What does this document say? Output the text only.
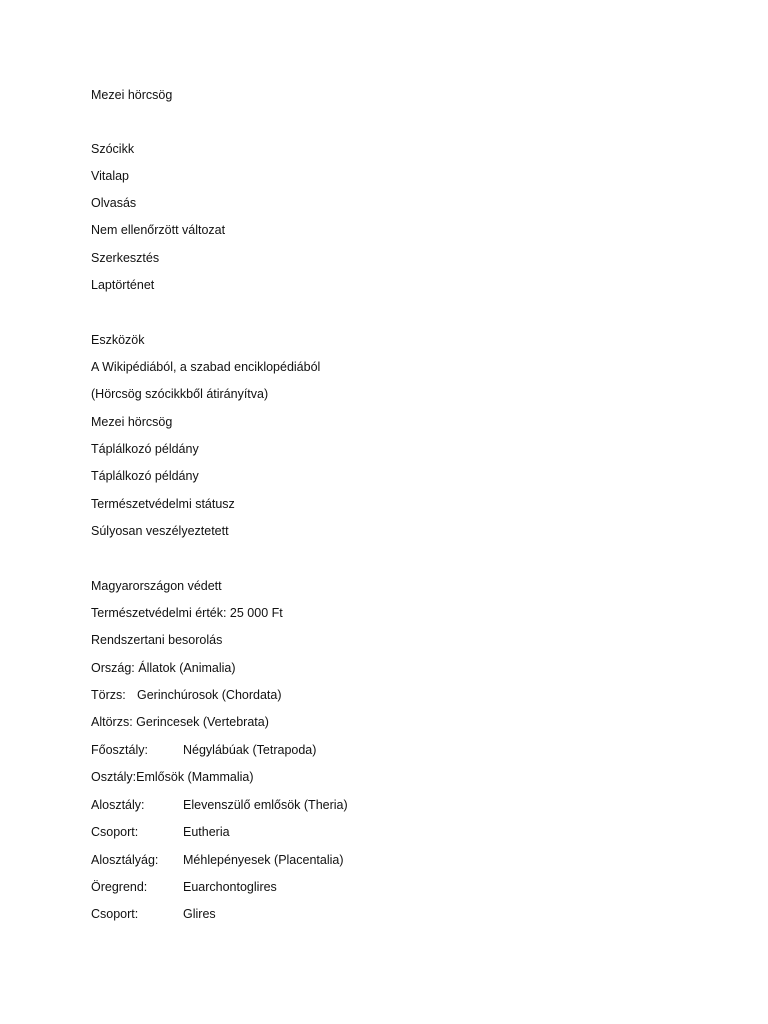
Mezei hörcsög
Szócikk
Vitalap
Olvasás
Nem ellenőrzött változat
Szerkesztés
Laptörténet
Eszközök
A Wikipédiából, a szabad enciklopédiából
(Hörcsög szócikkből átirányítva)
Mezei hörcsög
Táplálkozó példány
Táplálkozó példány
Természetvédelmi státusz
Súlyosan veszélyeztetett
Magyarországon védett
Természetvédelmi érték: 25 000 Ft
Rendszertani besorolás
Ország: Állatok (Animalia)
Törzs: Gerinchúrosok (Chordata)
Altörzs: Gerincesek (Vertebrata)
Főosztály:	Négylábúak (Tetrapoda)
Osztály:Emlősök (Mammalia)
Alosztály:	Elevenszülő emlősök (Theria)
Csoport:	Eutheria
Alosztályág: Méhlepényesek (Placentalia)
Öregrend:	Euarchontoglires
Csoport:	Glires
